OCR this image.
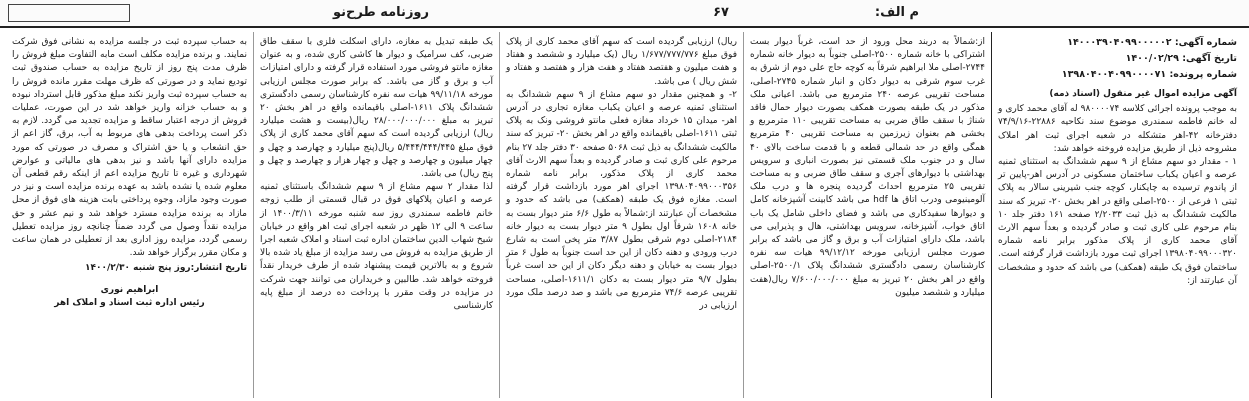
م الف:
۶۷
روزنامه طرح‌نو
شماره آگهی: ۱۴۰۰۰۳۹۰۴۰۹۹۰۰۰۰۰۲
تاریخ آگهی: ۱۴۰۰/۰۲/۲۹
شماره پرونده: ۱۳۹۸۰۴۰۰۴۰۹۹۰۰۰۰۷۱
آگهی مزایده اموال غیر منقول (اسناد ذمه)

به موجب پرونده اجرائی کلاسه ۹۸۰۰۰۰۷۴ له آقای محمد کاری و له خانم فاطمه سمندری موضوع سند نکاحیه ۲۲۸۸۶-۷۴/۹/۱۶ دفترخانه ۴۲-اهر متشکله در شعبه اجرای ثبت اهر املاک مشروحه ذیل از طریق مزایده فروخته خواهد شد:
۱ - مقدار دو سهم مشاع از ۹ سهم ششدانگ به استثنای ثمنیه عرصه و اعیان یکباب ساختمان مسکونی در آدرس اهر-پایین تر از پاندوم ترسیده به چایکنار، کوچه جنب شیرینی سالار به پلاک ثبتی ۱ فرعی از ۲۵۰۰-اصلی واقع در اهر بخش ۲۰- تبریز که سند مالکیت ششدانگ به ذیل ثبت ۲/۲۰۳۳ صفحه ۱۶۱ دفتر جلد ۱۰ بنام مرحوم علی کاری ثبت و صادر گردیده و بعداً سهم الارث آقای محمد کاری از پلاک مذکور برابر نامه شماره ۱۳۹۸۰۴۰۹۹۰۰۰۳۲۰ اجرای ثبت مورد بازداشت قرار گرفته است. ساختمان فوق یک طبقه (همکف) می باشد که حدود و مشخصات آن عبارتند از:

از:شمالاً به دربند محل ورود از حد است، غرباً دیوار بست اشتراکی با خانه شماره ۲۵۰۰-اصلی جنوباً به دیوار خانه شماره ۲۷۴۴-اصلی ملا ابراهیم شرقاً به کوچه حاج علی دوم از شرق به غرب سوم شرقی به دیوار دکان و انبار شماره ۲۷۴۵-اصلی، مساحت تقریبی عرصه ۲۴۰ مترمربع می باشد. اعیانی ملک مذکور در یک طبقه بصورت همکف بصورت دیوار حمال فاقد شناژ با سقف طاق ضربی به مساحت تقریبی ۱۱۰ مترمربع و بخشی هم بعنوان زیرزمین به مساحت تقریبی ۴۰ مترمربع همگی واقع در حد شمالی قطعه و با قدمت ساخت بالای ۴۰ سال و در جنوب ملک قسمتی نیز بصورت انباری و سرویس بهداشتی با دیوارهای آجری و سقف طاق ضربی و به مساحت تقریبی ۲۵ مترمربع احداث گردیده پنجره ها و درب ملک آلومینیومی ودرب اتاق ها hdf می باشد کابینت آشپزخانه کامل و دیوارها سفیدکاری می باشد و فضای داخلی شامل یک باب اتاق خواب، آشپزخانه، سرویس بهداشتی، هال و پذیرایی می باشد، ملک دارای امتیازات آب و برق و گاز می باشد که برابر صورت مجلس ارزیابی مورخه ۹۹/۱۲/۱۲ هیات سه نفره کارشناسان رسمی دادگستری ششدانگ پلاک ۲۵۰۰/۱-اصلی واقع در اهر بخش ۲۰ تبریز به مبلغ ۷/۶۰۰/۰۰۰/۰۰۰ ریال(هفت میلیارد و ششصد میلیون

ریال) ارزیابی گردیده است که سهم آقای محمد کاری از پلاک فوق مبلغ ۱/۶۷۷/۷۷۷/۷۷۶ ریال (یک میلیارد و ششصد و هفتاد و هفت میلیون و هفتصد هفتاد و هفت هزار و هفتصد و هفتاد و شش ریال ) می باشد.
۲- و همچنین مقدار دو سهم مشاع از ۹ سهم ششدانگ به استثنای ثمنیه عرصه و اعیان یکباب مغازه تجاری در آدرس اهر- میدان ۱۵ خرداد مغازه فعلی مانتو فروشی ونک به پلاک ثبتی ۱۶۱۱-اصلی باقیمانده واقع در اهر بخش ۲۰- تبریز که سند مالکیت ششدانگ به ذیل ثبت ۵۰۶۸ صفحه ۳۰ دفتر جلد ۲۷ بنام مرحوم علی کاری ثبت و صادر گردیده و بعداً سهم الارث آقای محمد کاری از پلاک مذکور، برابر نامه شماره ۱۳۹۸۰۴۰۹۹۰۰۰۳۵۶ اجرای اهر مورد بازداشت قرار گرفته است. مغازه فوق یک طبقه (همکف) می باشد که حدود و مشخصات آن عبارتند از:شمالاً به طول ۶/۶ متر دیوار بست به خانه ۱۶۰۸ شرقاً اول بطول ۹ متر دیوار بست به دیوار خانه ۲۱۸۴-اصلی دوم شرقی بطول ۳/۸۷ متر پخی است به شارع درب ورودی و دهنه دکان از این حد است جنوباً به طول ۶ متر دیوار بست به خیابان و دهنه دیگر دکان از این حد است غرباً بطول ۹/۷ متر دیوار بست به دکان ۱۶۱۱/۱-اصلی، مساحت تقریبی عرصه ۷۴/۶ مترمربع می باشد و صد درصد ملک مورد ارزیابی در

یک طبقه تبدیل به مغازه، دارای اسکلت فلزی با سقف طاق ضربی، کف سرامیک و دیوار ها کاشی کاری شده، و به عنوان مغازه مانتو فروشی مورد استفاده قرار گرفته و دارای امتیازات آب و برق و گاز می باشد. که برابر صورت مجلس ارزیابی مورخه ۹۹/۱۱/۱۸ هیات سه نفره کارشناسان رسمی دادگستری ششدانگ پلاک ۱۶۱۱-اصلی باقیمانده واقع در اهر بخش ۲۰ تبریز به مبلغ ۲۸/۰۰۰/۰۰۰/۰۰۰ ریال(بیست و هشت میلیارد ریال) ارزیابی گردیده است که سهم آقای محمد کاری از پلاک فوق مبلغ ۵/۴۴۴/۴۴۴/۴۴۵ ریال(پنج میلیارد و چهارصد و چهل و چهار میلیون و چهارصد و چهل و چهار هزار و چهارصد و چهل و پنج ریال) می باشد.
لذا مقدار ۲ سهم مشاع از ۹ سهم ششدانگ باستثنای ثمنیه عرصه و اعیان پلاکهای فوق در قبال قسمتی از طلب زوجه خانم فاطمه سمندری روز سه شنبه مورخه ۱۴۰۰/۳/۱۱ از ساعت ۹ الی ۱۲ ظهر در شعبه اجرای ثبت اهر واقع در خیابان شیخ شهاب الدین ساختمان اداره ثبت اسناد و املاک شعبه اجرا از طریق مزایده به فروش می رسد مزایده از مبلغ یاد شده بالا شروع و به بالاترین قیمت پیشنهاد شده از طرف خریدار نقداً فروخته خواهد شد. طالبین و خریداران می توانند جهت شرکت در مزایده در وقت مقرر با پرداخت ده درصد از مبلغ پایه کارشناسی

به حساب سپرده ثبت در جلسه مزایده به نشانی فوق شرکت نمایند. و برنده مزایده مکلف است مابه التفاوت مبلغ فروش را ظرف مدت پنج روز از تاریخ مزایده به حساب صندوق ثبت تودیع نماید و در صورتی که ظرف مهلت مقرر مانده فروش را به حساب سپرده ثبت واریز نکند مبلغ مذکور قابل استرداد نبوده و به حساب خزانه واریز خواهد شد در این صورت، عملیات فروش از درجه اعتبار ساقط و مزایده تجدید می گردد. لازم به ذکر است پرداخت بدهی های مربوط به آب، برق، گاز اعم از حق انشعاب و یا حق اشتراک و مصرف در صورتی که مورد مزایده دارای آنها باشد و نیز بدهی های مالیاتی و عوارض شهرداری و غیره تا تاریخ مزایده اعم از اینکه رقم قطعی آن معلوم شده یا نشده باشد به عهده برنده مزایده است و نیز در صورت وجود مازاد، وجوه پرداختی بابت هزینه های فوق از محل مازاد به برنده مزایده مسترد خواهد شد و نیم عشر و حق مزایده نقداً وصول می گردد ضمناً چنانچه روز مزایده تعطیل رسمی گردد، مزایده روز اداری بعد از تعطیلی در همان ساعت و مکان مقرر برگزار خواهد شد.

تاریخ انتشار:روز پنج شنبه ۱۴۰۰/۲/۳۰
ابراهیم نوری
رئیس اداره ثبت اسناد و املاک اهر
